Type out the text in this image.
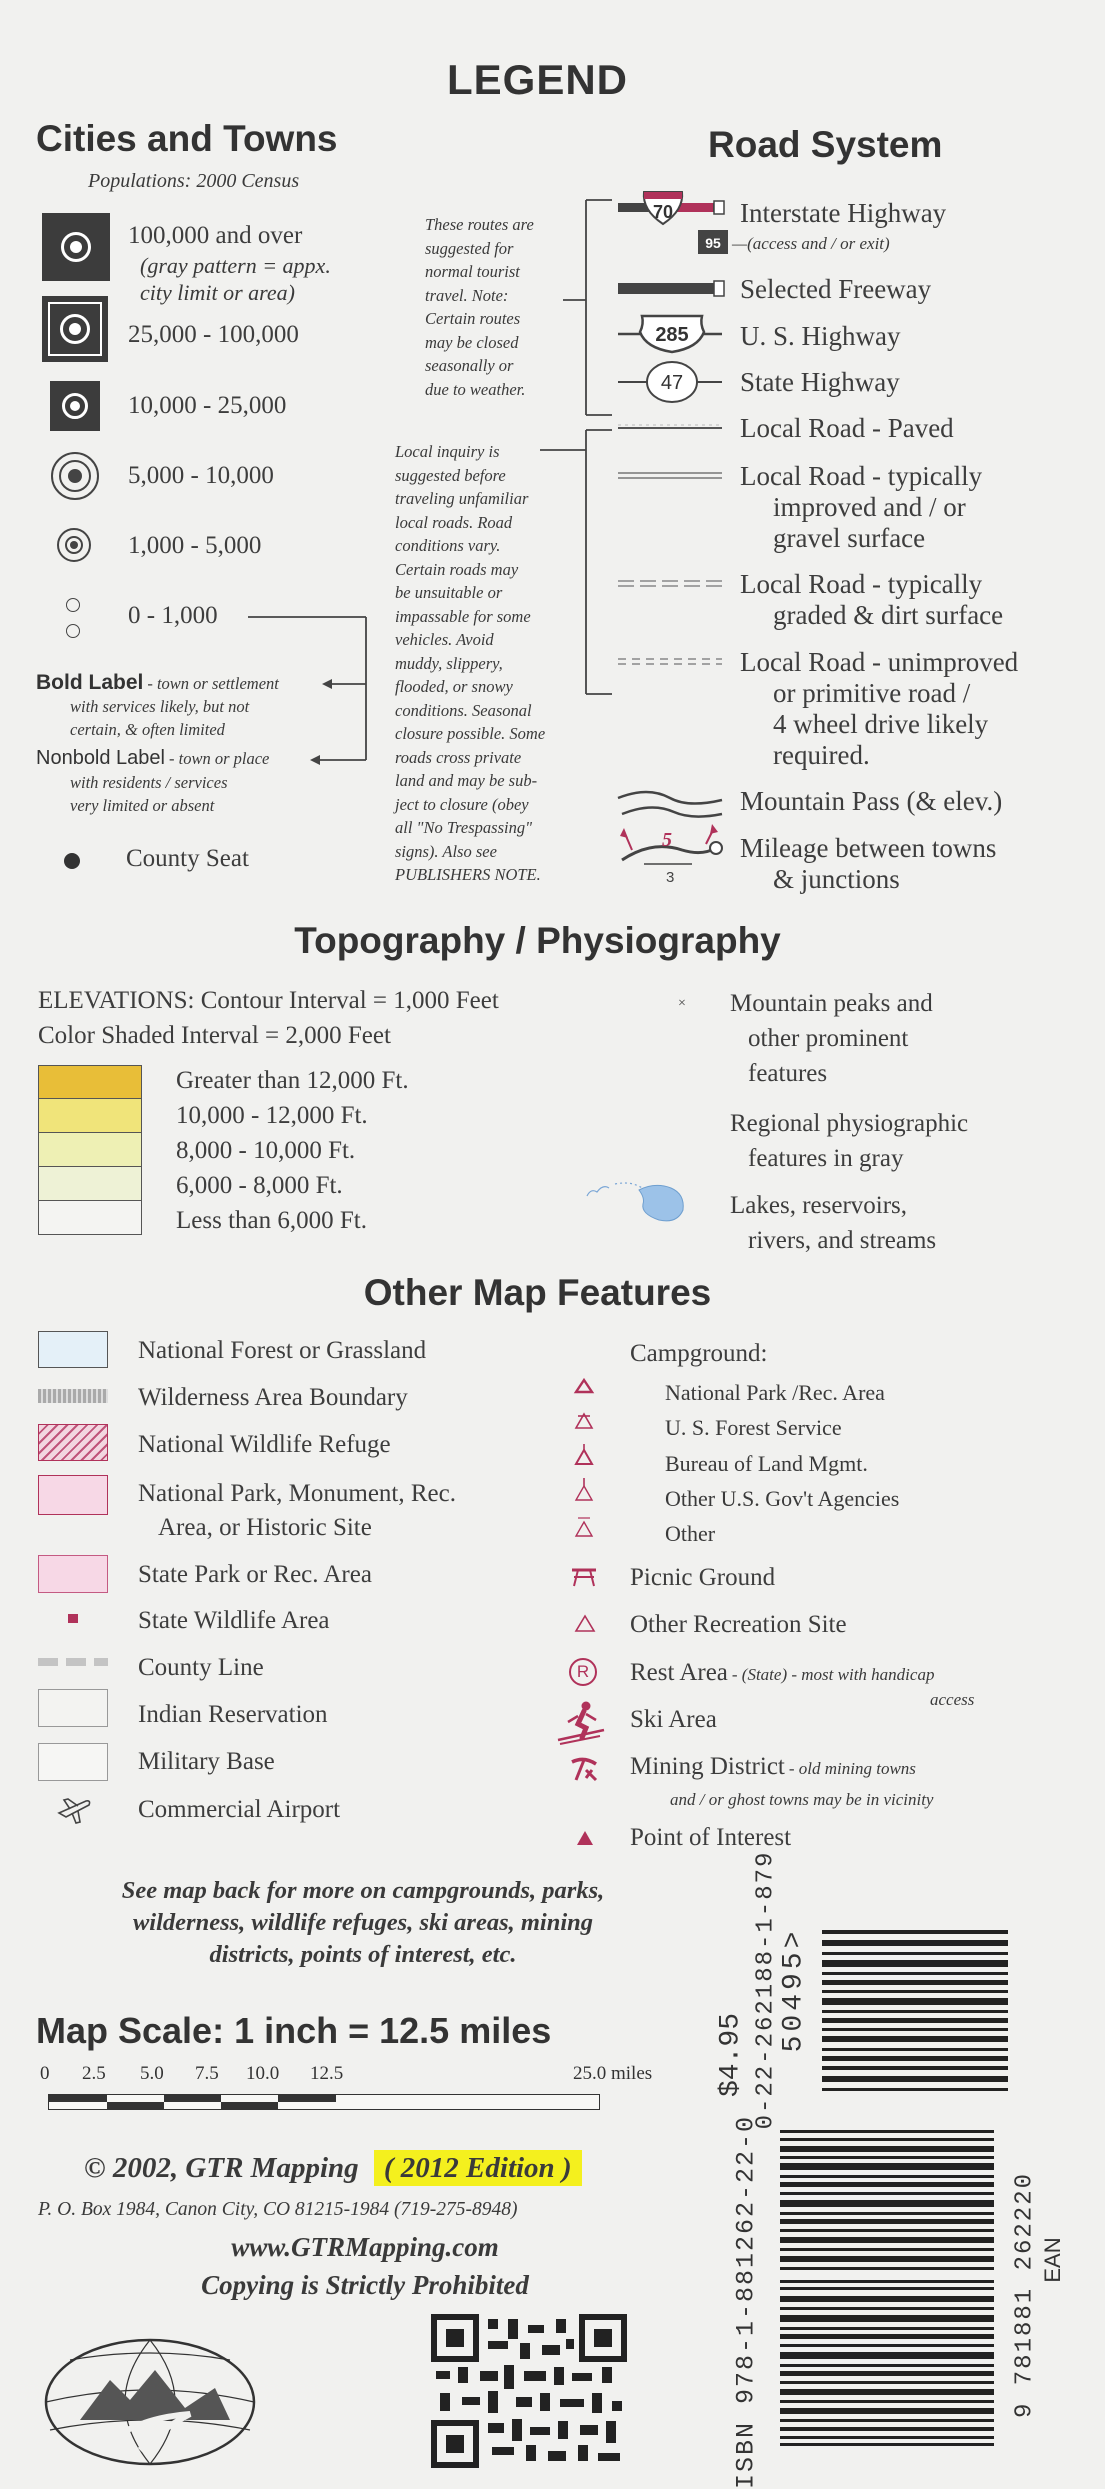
LEGEND
Cities and Towns
Populations: 2000 Census
100,000 and over
(gray pattern = appx.
city limit or area)
25,000 - 100,000
10,000 - 25,000
5,000 - 10,000
1,000 - 5,000
0 - 1,000
Bold Label - town or settlement
with services likely, but not
certain, & often limited
Nonbold Label - town or place
with residents / services
very limited or absent
County Seat
These routes are
suggested for
normal tourist
travel. Note:
Certain routes
may be closed
seasonally or
due to weather.
Local inquiry is
suggested before
traveling unfamiliar
local roads. Road
conditions vary.
Certain roads may
be unsuitable or
impassable for some
vehicles. Avoid
muddy, slippery,
flooded, or snowy
conditions. Seasonal
closure possible. Some
roads cross private
land and may be sub-
ject to closure (obey
all "No Trespassing"
signs). Also see
PUBLISHERS NOTE.
Road System
70
95
Interstate Highway
—(access and / or exit)
Selected Freeway
285 U. S. Highway
47 State Highway
Local Road - Paved
Local Road - typically
improved and / or
gravel surface
Local Road - typically
graded & dirt surface
Local Road - unimproved
or primitive road /
4 wheel drive likely
required.
Mountain Pass (& elev.)
5
3
Mileage between towns
& junctions
Topography / Physiography
ELEVATIONS: Contour Interval = 1,000 Feet
Color Shaded Interval = 2,000 Feet
Greater than 12,000 Ft.
10,000 - 12,000 Ft.
8,000 - 10,000 Ft.
6,000 - 8,000 Ft.
Less than 6,000 Ft.
× Mountain peaks and
other prominent
features
Regional physiographic
features in gray
Lakes, reservoirs,
rivers, and streams
Other Map Features
National Forest or Grassland
Wilderness Area Boundary
National Wildlife Refuge
National Park, Monument, Rec.
Area, or Historic Site
State Park or Rec. Area
State Wildlife Area
County Line
Indian Reservation
Military Base
Commercial Airport
Campground:
National Park /Rec. Area
U. S. Forest Service
Bureau of Land Mgmt.
Other U.S. Gov't Agencies
Other
Picnic Ground
Other Recreation Site
R	Rest Area - (State) - most with handicap
access
Ski Area
Mining District - old mining towns
and / or ghost towns may be in vicinity
Point of Interest
See map back for more on campgrounds, parks,
wilderness, wildlife refuges, ski areas, mining
districts, points of interest, etc.
Map Scale: 1 inch = 12.5 miles
0 2.5 5.0 7.5 10.0 12.5	25.0 miles
© 2002, GTR Mapping ( 2012 Edition )
P. O. Box 1984, Canon City, CO 81215-1984 (719-275-8948)
www.GTRMapping.com
Copying is Strictly Prohibited
$4.95 0-22-262188-1-879 50495>
ISBN 978-1-881262-22-0	9 781881 262220 EAN
